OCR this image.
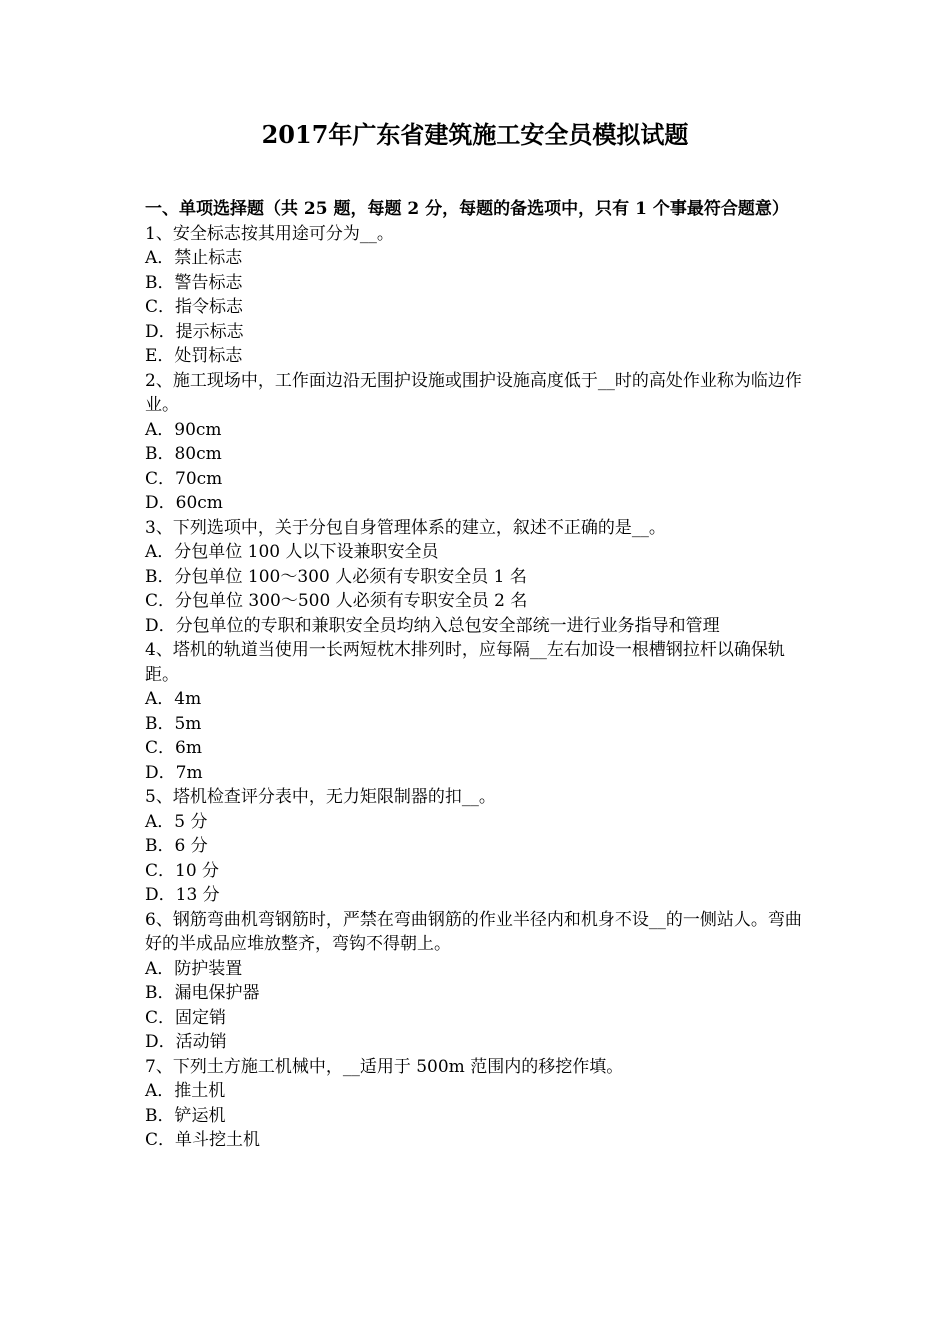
2017年广东省建筑施工安全员模拟试题
一、单项选择题（共 25 题，每题 2 分，每题的备选项中，只有 1 个事最符合题意）
1、安全标志按其用途可分为__。
A．禁止标志
B．警告标志
C．指令标志
D．提示标志
E．处罚标志
2、施工现场中，工作面边沿无围护设施或围护设施高度低于__时的高处作业称为临边作业。
A．90cm
B．80cm
C．70cm
D．60cm
3、下列选项中，关于分包自身管理体系的建立，叙述不正确的是__。
A．分包单位 100 人以下设兼职安全员
B．分包单位 100～300 人必须有专职安全员 1 名
C．分包单位 300～500 人必须有专职安全员 2 名
D．分包单位的专职和兼职安全员均纳入总包安全部统一进行业务指导和管理
4、塔机的轨道当使用一长两短枕木排列时，应每隔__左右加设一根槽钢拉杆以确保轨距。
A．4m
B．5m
C．6m
D．7m
5、塔机检查评分表中，无力矩限制器的扣__。
A．5 分
B．6 分
C．10 分
D．13 分
6、钢筋弯曲机弯钢筋时，严禁在弯曲钢筋的作业半径内和机身不设__的一侧站人。弯曲好的半成品应堆放整齐，弯钩不得朝上。
A．防护装置
B．漏电保护器
C．固定销
D．活动销
7、下列土方施工机械中，__适用于 500m 范围内的移挖作填。
A．推土机
B．铲运机
C．单斗挖土机
